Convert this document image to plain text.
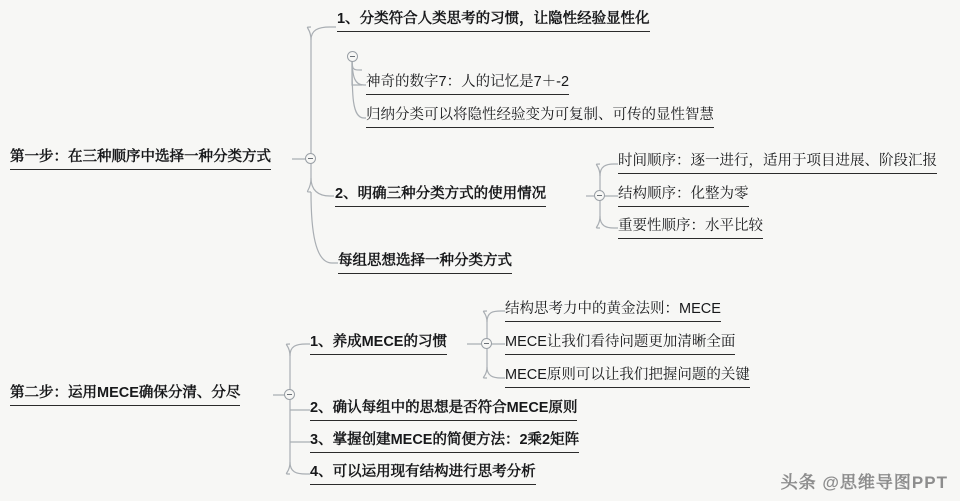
第一步：在三种顺序中选择一种分类方式
1、分类符合人类思考的习惯，让隐性经验显性化
神奇的数字7：人的记忆是7＋-2
归纳分类可以将隐性经验变为可复制、可传的显性智慧
2、明确三种分类方式的使用情况
时间顺序：逐一进行，适用于项目进展、阶段汇报
结构顺序：化整为零
重要性顺序：水平比较
每组思想选择一种分类方式
第二步：运用MECE确保分清、分尽
1、养成MECE的习惯
结构思考力中的黄金法则：MECE
MECE让我们看待问题更加清晰全面
MECE原则可以让我们把握问题的关键
2、确认每组中的思想是否符合MECE原则
3、掌握创建MECE的简便方法：2乘2矩阵
4、可以运用现有结构进行思考分析
头条 @思维导图PPT
